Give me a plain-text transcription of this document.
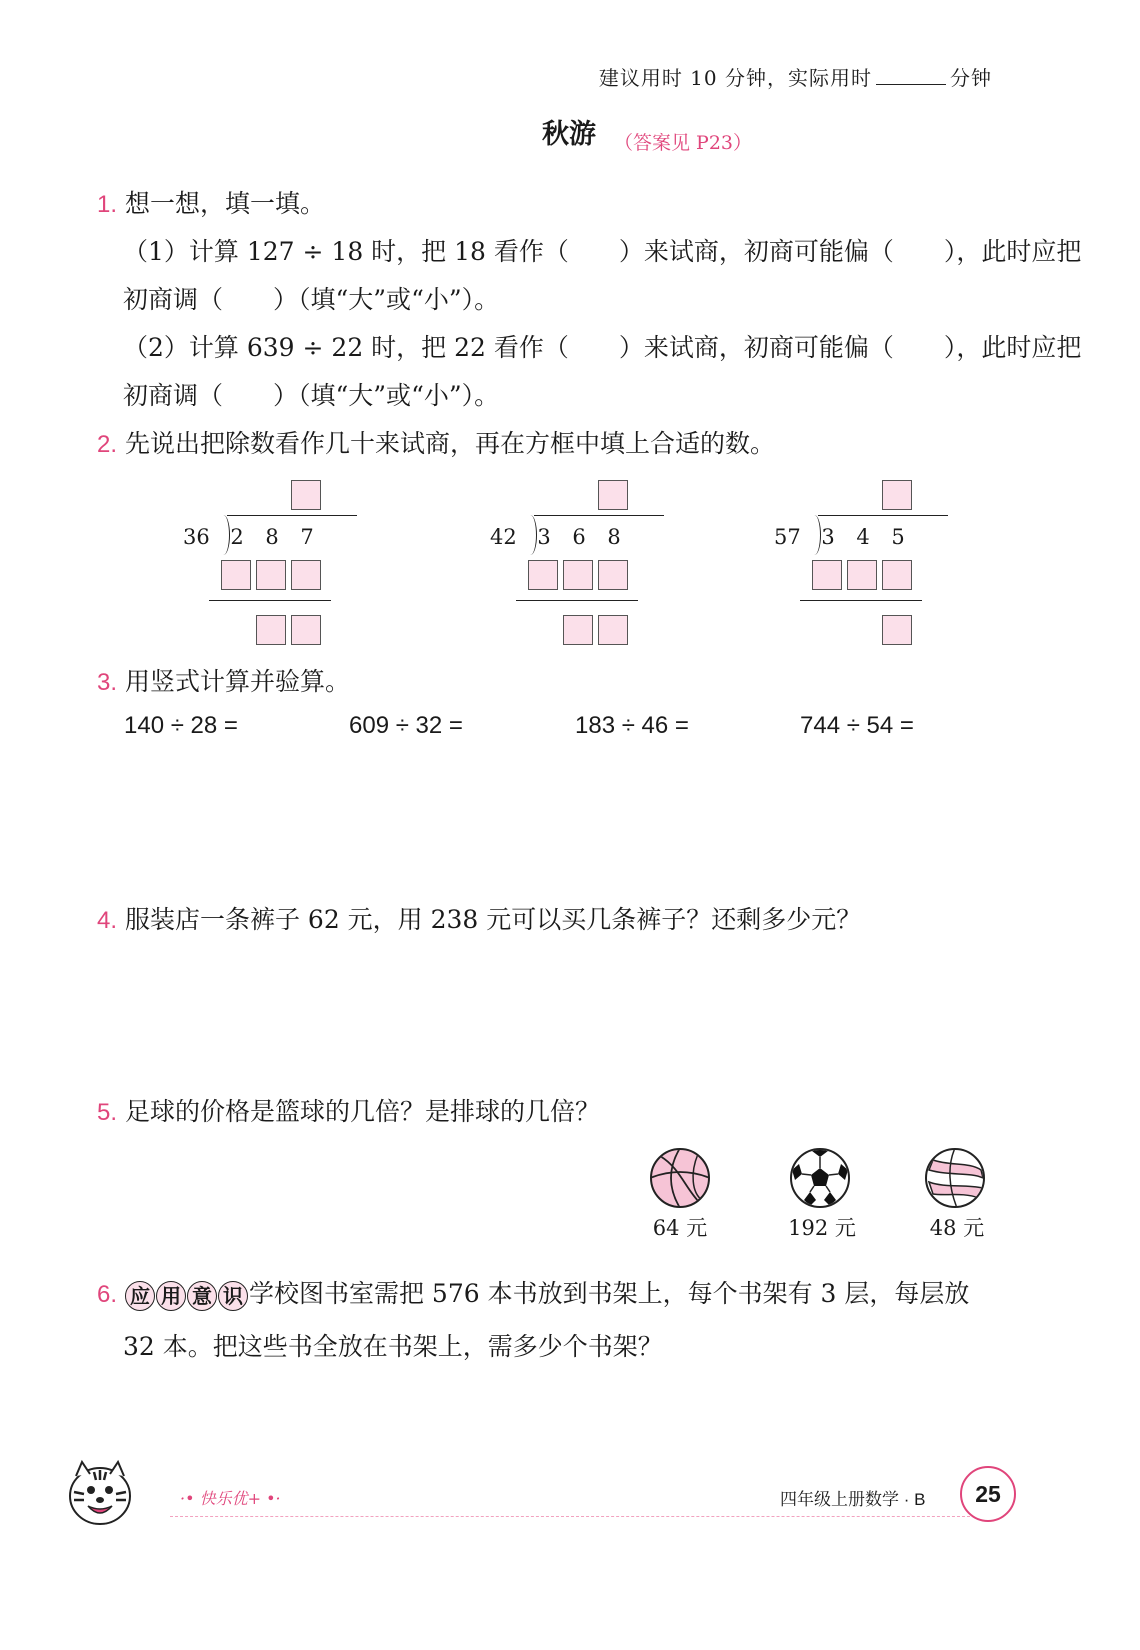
建议用时 10 分钟，实际用时	分钟
秋游 （答案见 P23）
1. 想一想，填一填。
（1）计算 127 ÷ 18 时，把 18 看作（　　）来试商，初商可能偏（　　），此时应把
初商调（　　）（填“大”或“小”）。
（2）计算 639 ÷ 22 时，把 22 看作（　　）来试商，初商可能偏（　　），此时应把
初商调（　　）（填“大”或“小”）。
2. 先说出把除数看作几十来试商，再在方框中填上合适的数。
36 2 8 7	42 3 6 8	57 3 4 5
3. 用竖式计算并验算。
140 ÷ 28 =	609 ÷ 32 =	183 ÷ 46 =	744 ÷ 54 =
4. 服装店一条裤子 62 元，用 238 元可以买几条裤子？还剩多少元？
5. 足球的价格是篮球的几倍？是排球的几倍？
64 元	192 元	48 元
6. 应 用 意 识 学校图书室需把 576 本书放到书架上，每个书架有 3 层，每层放
32 本。把这些书全放在书架上，需多少个书架？
·• 快乐优+ •·	四年级上册数学 · B	25
